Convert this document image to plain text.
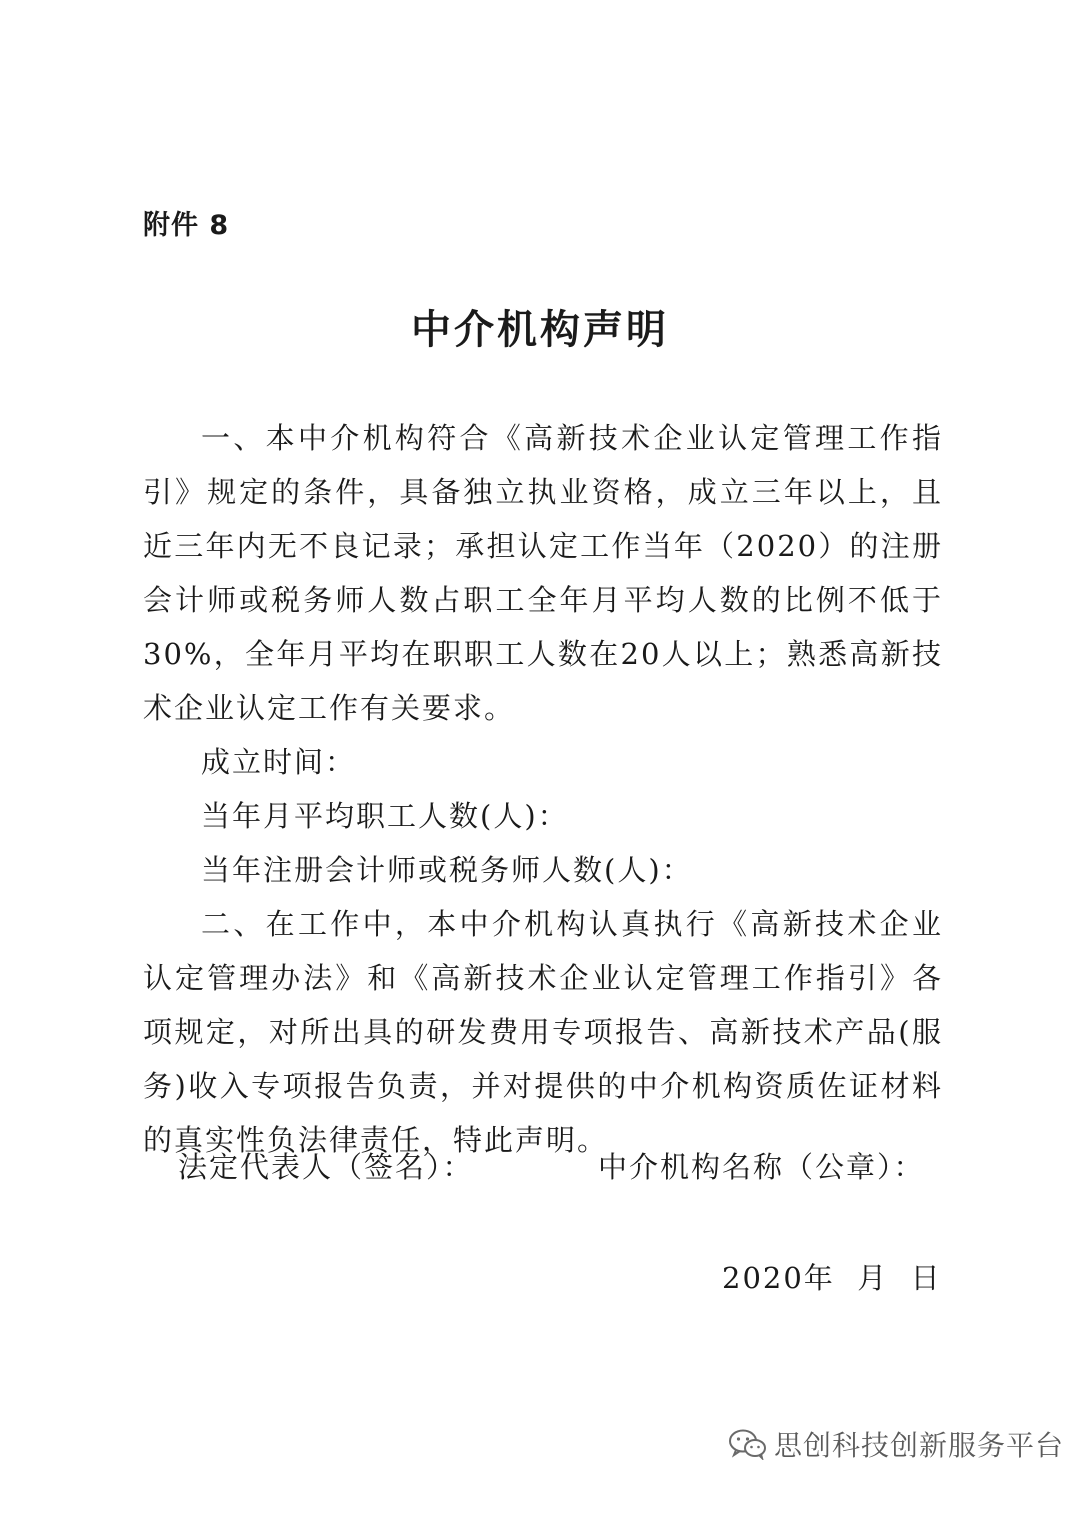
附件 8
中介机构声明

一、本中介机构符合《高新技术企业认定管理工作指引》规定的条件，具备独立执业资格，成立三年以上，且近三年内无不良记录；承担认定工作当年（2020）的注册会计师或税务师人数占职工全年月平均人数的比例不低于30%，全年月平均在职职工人数在20人以上；熟悉高新技术企业认定工作有关要求。

成立时间：

当年月平均职工人数(人)：

当年注册会计师或税务师人数(人)：

二、在工作中，本中介机构认真执行《高新技术企业认定管理办法》和《高新技术企业认定管理工作指引》各项规定，对所出具的研发费用专项报告、高新技术产品(服务)收入专项报告负责，并对提供的中介机构资质佐证材料的真实性负法律责任，特此声明。

法定代表人（签名）：	中介机构名称（公章）：
2020年  月  日
思创科技创新服务平台
